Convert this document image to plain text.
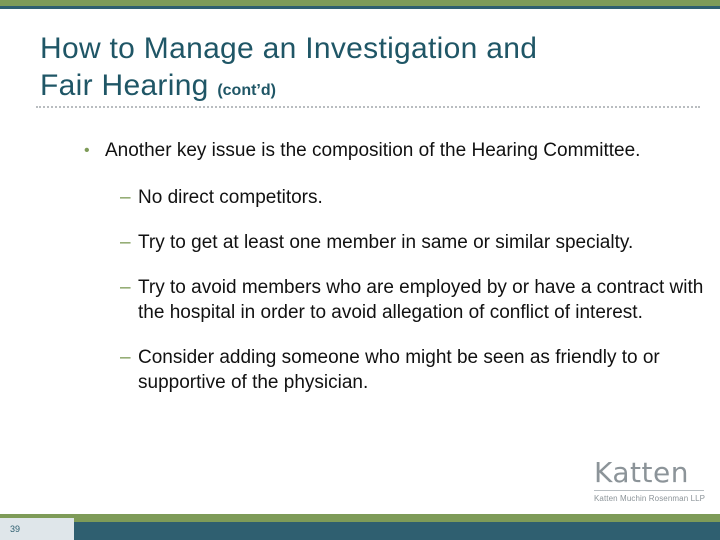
How to Manage an Investigation and
Fair Hearing (cont’d)
• Another key issue is the composition of the Hearing Committee.
– No direct competitors.
– Try to get at least one member in same or similar specialty.
– Try to avoid members who are employed by or have a contract with the hospital in order to avoid allegation of conflict of interest.
– Consider adding someone who might be seen as friendly to or supportive of the physician.
Katten
Katten Muchin Rosenman LLP
39
